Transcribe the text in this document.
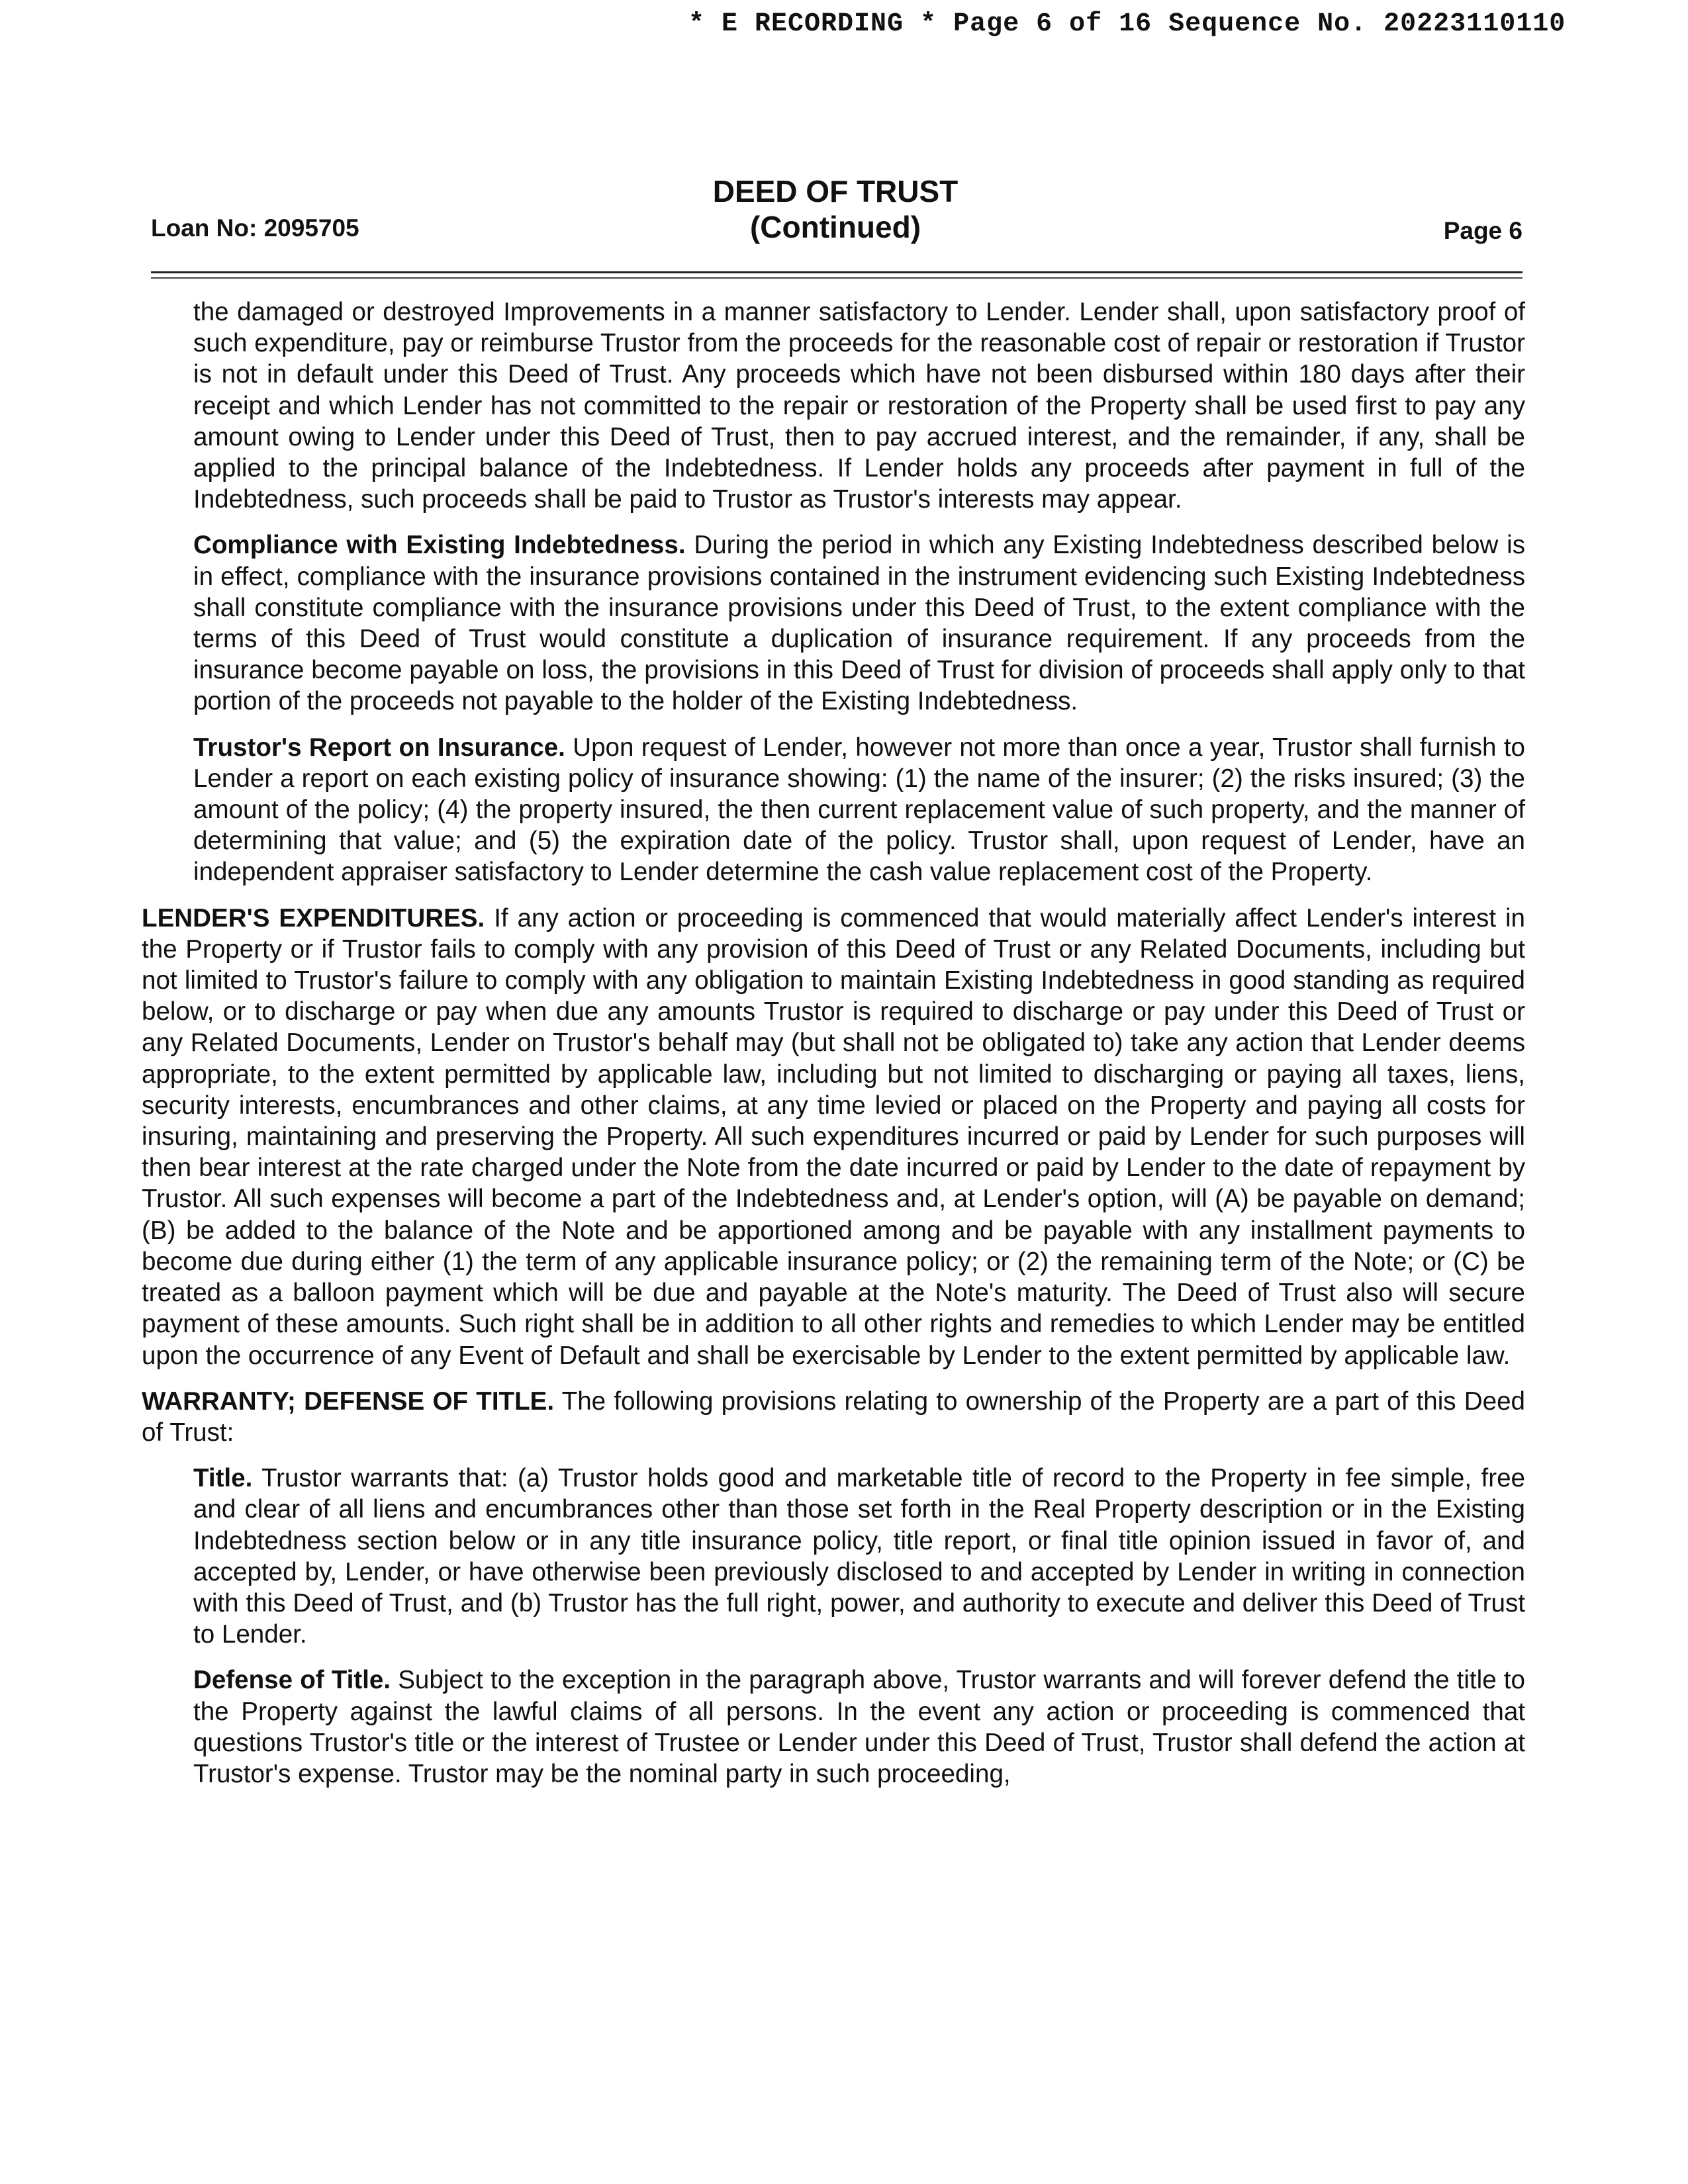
* E RECORDING * Page 6 of 16 Sequence No. 20223110110
Loan No: 2095705
DEED OF TRUST
(Continued)	Page 6

the damaged or destroyed Improvements in a manner satisfactory to Lender. Lender shall, upon satisfactory proof of such expenditure, pay or reimburse Trustor from the proceeds for the reasonable cost of repair or restoration if Trustor is not in default under this Deed of Trust. Any proceeds which have not been disbursed within 180 days after their receipt and which Lender has not committed to the repair or restoration of the Property shall be used first to pay any amount owing to Lender under this Deed of Trust, then to pay accrued interest, and the remainder, if any, shall be applied to the principal balance of the Indebtedness. If Lender holds any proceeds after payment in full of the Indebtedness, such proceeds shall be paid to Trustor as Trustor's interests may appear.

Compliance with Existing Indebtedness. During the period in which any Existing Indebtedness described below is in effect, compliance with the insurance provisions contained in the instrument evidencing such Existing Indebtedness shall constitute compliance with the insurance provisions under this Deed of Trust, to the extent compliance with the terms of this Deed of Trust would constitute a duplication of insurance requirement. If any proceeds from the insurance become payable on loss, the provisions in this Deed of Trust for division of proceeds shall apply only to that portion of the proceeds not payable to the holder of the Existing Indebtedness.

Trustor's Report on Insurance. Upon request of Lender, however not more than once a year, Trustor shall furnish to Lender a report on each existing policy of insurance showing: (1) the name of the insurer; (2) the risks insured; (3) the amount of the policy; (4) the property insured, the then current replacement value of such property, and the manner of determining that value; and (5) the expiration date of the policy. Trustor shall, upon request of Lender, have an independent appraiser satisfactory to Lender determine the cash value replacement cost of the Property.

LENDER'S EXPENDITURES. If any action or proceeding is commenced that would materially affect Lender's interest in the Property or if Trustor fails to comply with any provision of this Deed of Trust or any Related Documents, including but not limited to Trustor's failure to comply with any obligation to maintain Existing Indebtedness in good standing as required below, or to discharge or pay when due any amounts Trustor is required to discharge or pay under this Deed of Trust or any Related Documents, Lender on Trustor's behalf may (but shall not be obligated to) take any action that Lender deems appropriate, to the extent permitted by applicable law, including but not limited to discharging or paying all taxes, liens, security interests, encumbrances and other claims, at any time levied or placed on the Property and paying all costs for insuring, maintaining and preserving the Property. All such expenditures incurred or paid by Lender for such purposes will then bear interest at the rate charged under the Note from the date incurred or paid by Lender to the date of repayment by Trustor. All such expenses will become a part of the Indebtedness and, at Lender's option, will (A) be payable on demand; (B) be added to the balance of the Note and be apportioned among and be payable with any installment payments to become due during either (1) the term of any applicable insurance policy; or (2) the remaining term of the Note; or (C) be treated as a balloon payment which will be due and payable at the Note's maturity. The Deed of Trust also will secure payment of these amounts. Such right shall be in addition to all other rights and remedies to which Lender may be entitled upon the occurrence of any Event of Default and shall be exercisable by Lender to the extent permitted by applicable law.

WARRANTY; DEFENSE OF TITLE. The following provisions relating to ownership of the Property are a part of this Deed of Trust:

Title. Trustor warrants that: (a) Trustor holds good and marketable title of record to the Property in fee simple, free and clear of all liens and encumbrances other than those set forth in the Real Property description or in the Existing Indebtedness section below or in any title insurance policy, title report, or final title opinion issued in favor of, and accepted by, Lender, or have otherwise been previously disclosed to and accepted by Lender in writing in connection with this Deed of Trust, and (b) Trustor has the full right, power, and authority to execute and deliver this Deed of Trust to Lender.

Defense of Title. Subject to the exception in the paragraph above, Trustor warrants and will forever defend the title to the Property against the lawful claims of all persons. In the event any action or proceeding is commenced that questions Trustor's title or the interest of Trustee or Lender under this Deed of Trust, Trustor shall defend the action at Trustor's expense. Trustor may be the nominal party in such proceeding,
